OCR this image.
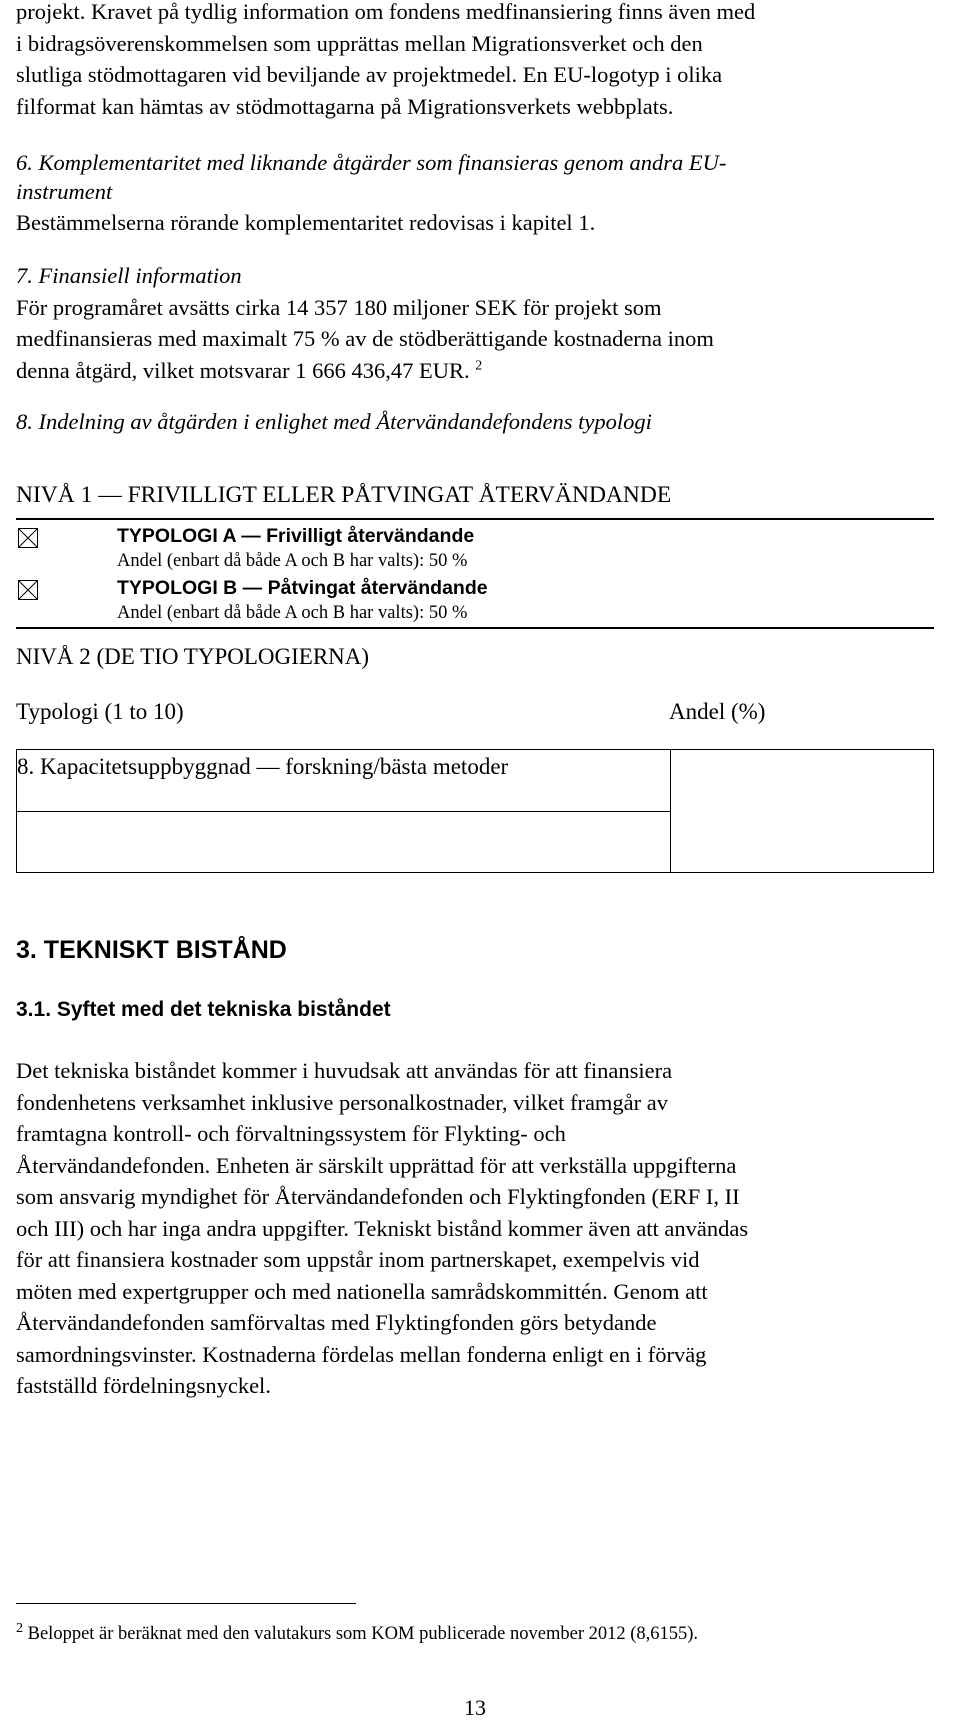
projekt. Kravet på tydlig information om fondens medfinansiering finns även med

i bidragsöverenskommelsen som upprättas mellan Migrationsverket och den

slutliga stödmottagaren vid beviljande av projektmedel. En EU-logotyp i olika

filformat kan hämtas av stödmottagarna på Migrationsverkets webbplats.

6. Komplementaritet med liknande åtgärder som finansieras genom andra EU-

instrument

Bestämmelserna rörande komplementaritet redovisas i kapitel 1.

7. Finansiell information

För programåret avsätts cirka 14 357 180 miljoner SEK för projekt som

medfinansieras med maximalt 75 % av de stödberättigande kostnaderna inom

denna åtgärd, vilket motsvarar 1 666 436,47 EUR. $^2$

8. Indelning av åtgärden i enlighet med Återvändandefondens typologi

NIVÅ 1 — FRIVILLIGT ELLER PÅTVINGAT ÅTERVÄNDANDE
TYPOLOGI A — Frivilligt återvändande
Andel (enbart då både A och B har valts): 50 %
TYPOLOGI B — Påtvingat återvändande
Andel (enbart då både A och B har valts): 50 %
NIVÅ 2 (DE TIO TYPOLOGIERNA)
Typologi (1 to 10)	Andel (%)
8. Kapacitetsuppbyggnad — forskning/bästa metoder
3. TEKNISKT BISTÅND
3.1. Syftet med det tekniska biståndet

Det tekniska biståndet kommer i huvudsak att användas för att finansiera

fondenhetens verksamhet inklusive personalkostnader, vilket framgår av

framtagna kontroll- och förvaltningssystem för Flykting- och

Återvändandefonden. Enheten är särskilt upprättad för att verkställa uppgifterna

som ansvarig myndighet för Återvändandefonden och Flyktingfonden (ERF I, II

och III) och har inga andra uppgifter. Tekniskt bistånd kommer även att användas

för att finansiera kostnader som uppstår inom partnerskapet, exempelvis vid

möten med expertgrupper och med nationella samrådskommittén. Genom att

Återvändandefonden samförvaltas med Flyktingfonden görs betydande

samordningsvinster. Kostnaderna fördelas mellan fonderna enligt en i förväg

fastställd fördelningsnyckel.

$^2$ Beloppet är beräknat med den valutakurs som KOM publicerade november 2012 (8,6155).
13
